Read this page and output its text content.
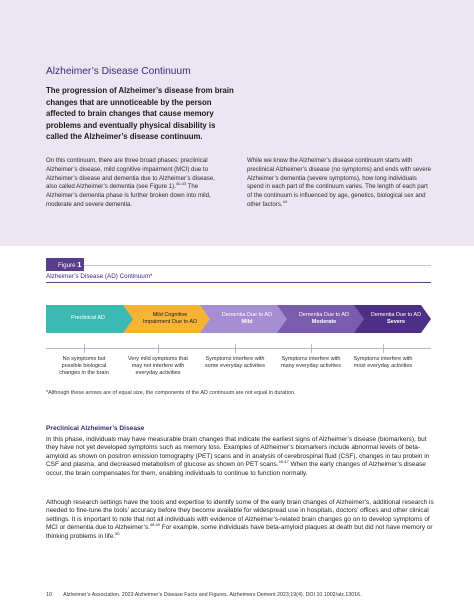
Alzheimer’s Disease Continuum
The progression of Alzheimer’s disease from brain changes that are unnoticeable by the person affected to brain changes that cause memory problems and eventually physical disability is called the Alzheimer’s disease continuum.
On this continuum, there are three broad phases: preclinical Alzheimer’s disease, mild cognitive impairment (MCI) due to Alzheimer’s disease and dementia due to Alzheimer’s disease, also called Alzheimer’s dementia (see Figure 1).$^{40-43}$ The Alzheimer’s dementia phase is further broken down into mild, moderate and severe dementia.
While we know the Alzheimer’s disease continuum starts with preclinical Alzheimer’s disease (no symptoms) and ends with severe Alzheimer’s dementia (severe symptoms), how long individuals spend in each part of the continuum varies. The length of each part of the continuum is influenced by age, genetics, biological sex and other factors.$^{44}$
Figure 1
Alzheimer’s Disease (AD) Continuum*
Preclinical AD
Mild Cognitive
Impairment Due to AD
Dementia Due to AD
Mild
Dementia Due to AD
Moderate
Dementia Due to AD
Severe
No symptoms but possible biological changes in the brain
Very mild symptoms that may not interfere with everyday activities
Symptoms interfere with some everyday activities
Symptoms interfere with many everyday activities
Symptoms interfere with most everyday activities
*Although these arrows are of equal size, the components of the AD continuum are not equal in duration.
Preclinical Alzheimer’s Disease
In this phase, individuals may have measurable brain changes that indicate the earliest signs of Alzheimer’s disease (biomarkers), but they have not yet developed symptoms such as memory loss. Examples of Alzheimer’s biomarkers include abnormal levels of beta-amyloid as shown on positron emission tomography (PET) scans and in analysis of cerebrospinal fluid (CSF), changes in tau protein in CSF and plasma, and decreased metabolism of glucose as shown on PET scans.$^{45-47}$ When the early changes of Alzheimer’s disease occur, the brain compensates for them, enabling individuals to continue to function normally.
Although research settings have the tools and expertise to identify some of the early brain changes of Alzheimer’s, additional research is needed to fine-tune the tools’ accuracy before they become available for widespread use in hospitals, doctors’ offices and other clinical settings. It is important to note that not all individuals with evidence of Alzheimer’s-related brain changes go on to develop symptoms of MCI or dementia due to Alzheimer’s.$^{48,49}$ For example, some individuals have beta-amyloid plaques at death but did not have memory or thinking problems in life.$^{50}$
10 Alzheimer’s Association. 2023 Alzheimer’s Disease Facts and Figures. Alzheimers Dement 2023;19(4). DOI 10.1002/alz.13016.
